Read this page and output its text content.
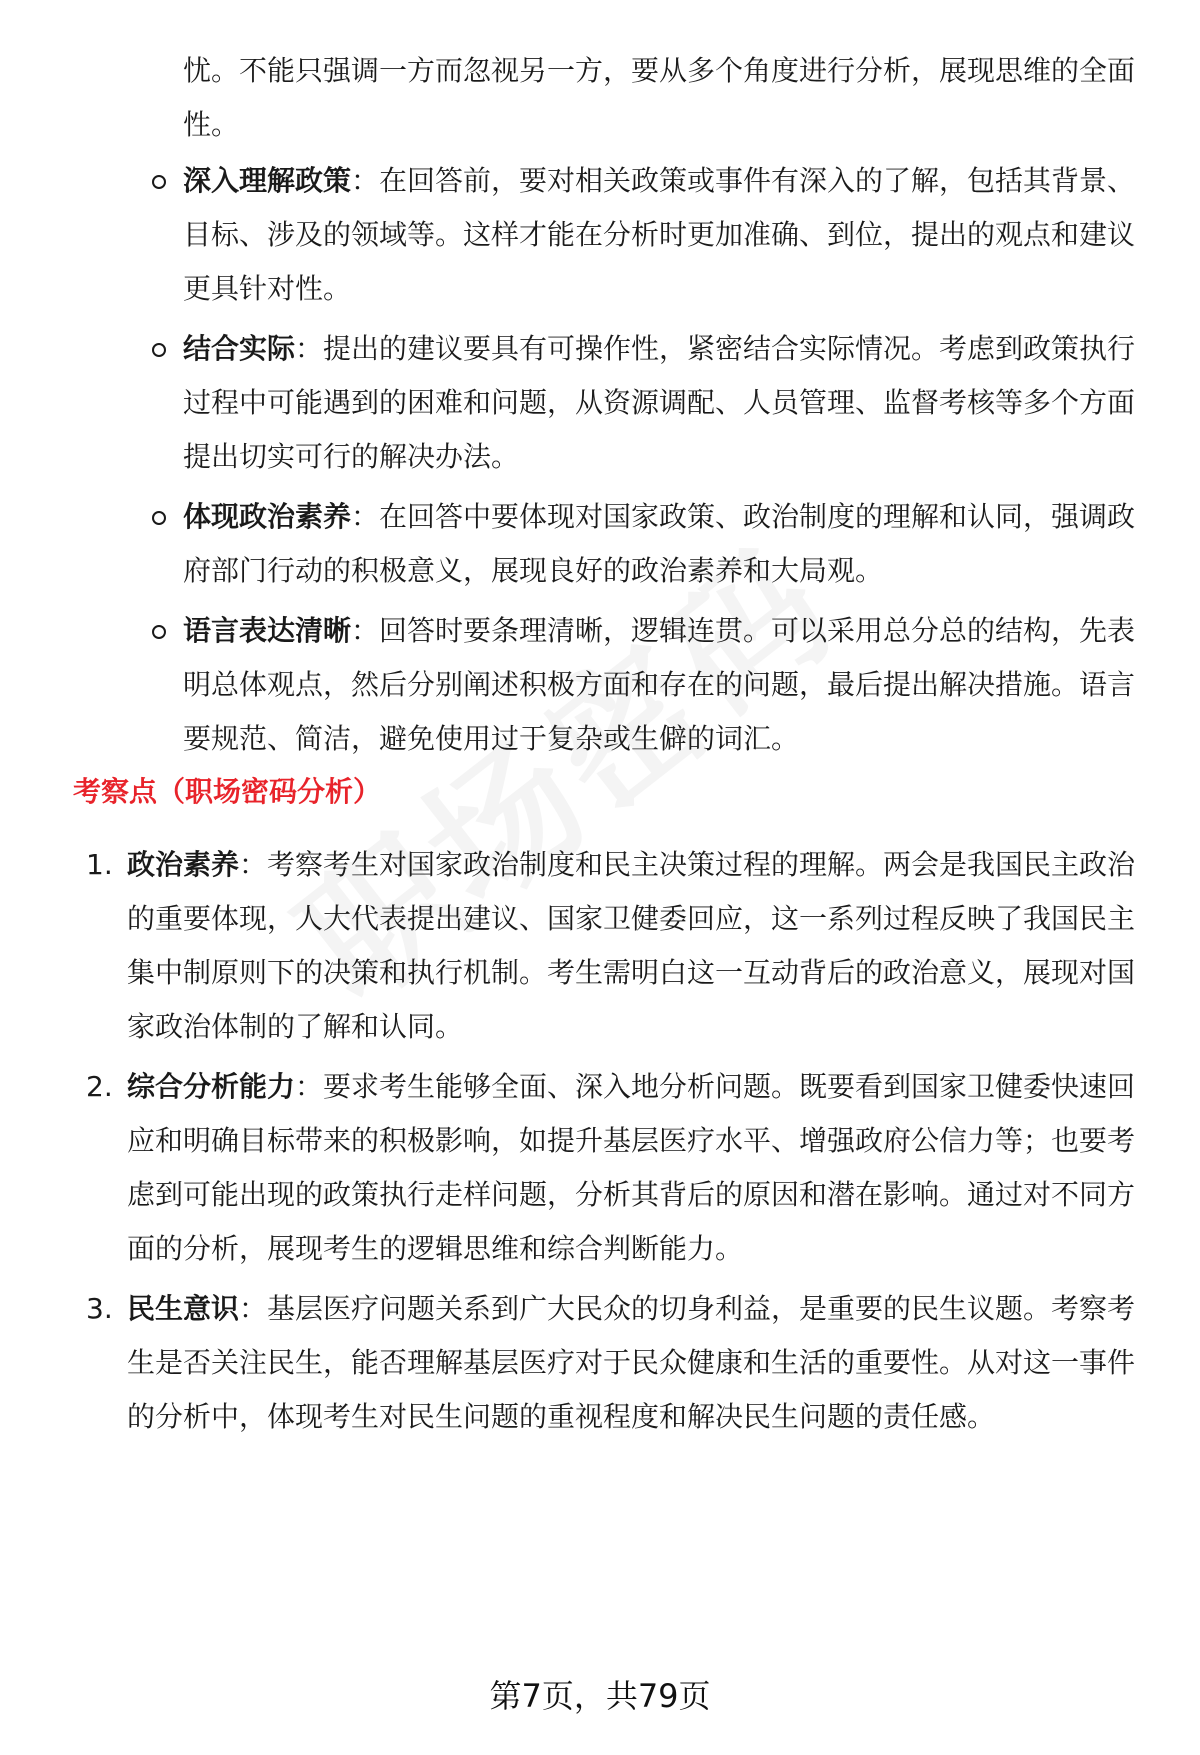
忧。不能只强调一方而忽视另一方，要从多个角度进行分析，展现思维的全面性。
深入理解政策：在回答前，要对相关政策或事件有深入的了解，包括其背景、目标、涉及的领域等。这样才能在分析时更加准确、到位，提出的观点和建议更具针对性。
结合实际：提出的建议要具有可操作性，紧密结合实际情况。考虑到政策执行过程中可能遇到的困难和问题，从资源调配、人员管理、监督考核等多个方面提出切实可行的解决办法。
体现政治素养：在回答中要体现对国家政策、政治制度的理解和认同，强调政府部门行动的积极意义，展现良好的政治素养和大局观。
语言表达清晰：回答时要条理清晰，逻辑连贯。可以采用总分总的结构，先表明总体观点，然后分别阐述积极方面和存在的问题，最后提出解决措施。语言要规范、简洁，避免使用过于复杂或生僻的词汇。
考察点（职场密码分析）
1. 政治素养：考察考生对国家政治制度和民主决策过程的理解。两会是我国民主政治的重要体现，人大代表提出建议、国家卫健委回应，这一系列过程反映了我国民主集中制原则下的决策和执行机制。考生需明白这一互动背后的政治意义，展现对国家政治体制的了解和认同。
2. 综合分析能力：要求考生能够全面、深入地分析问题。既要看到国家卫健委快速回应和明确目标带来的积极影响，如提升基层医疗水平、增强政府公信力等；也要考虑到可能出现的政策执行走样问题，分析其背后的原因和潜在影响。通过对不同方面的分析，展现考生的逻辑思维和综合判断能力。
3. 民生意识：基层医疗问题关系到广大民众的切身利益，是重要的民生议题。考察考生是否关注民生，能否理解基层医疗对于民众健康和生活的重要性。从对这一事件的分析中，体现考生对民生问题的重视程度和解决民生问题的责任感。
第7页，共79页
